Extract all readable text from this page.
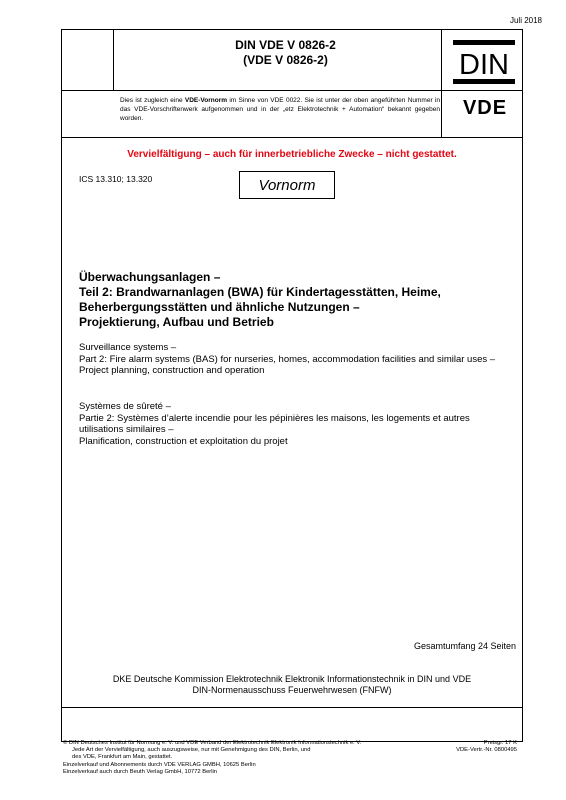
Juli 2018
DIN VDE V 0826-2
(VDE V 0826-2)	DIN
Dies ist zugleich eine VDE-Vornorm im Sinne von VDE 0022. Sie ist unter der oben angeführten Nummer in das VDE-Vorschriftenwerk aufgenommen und in der „etz Elektrotechnik + Automation“ bekannt gegeben worden.	VDE
Vervielfältigung – auch für innerbetriebliche Zwecke – nicht gestattet.
ICS 13.310; 13.320	Vornorm
Überwachungsanlagen –
Teil 2: Brandwarnanlagen (BWA) für Kindertagesstätten, Heime,
Beherbergungsstätten und ähnliche Nutzungen –
Projektierung, Aufbau und Betrieb
Surveillance systems –
Part 2: Fire alarm systems (BAS) for nurseries, homes, accommodation facilities and similar uses –
Project planning, construction and operation
Systèmes de sûreté –
Partie 2: Systèmes d’alerte incendie pour les pépinières les maisons, les logements et autres utilisations similaires –
Planification, construction et exploitation du projet
Gesamtumfang 24 Seiten
DKE Deutsche Kommission Elektrotechnik Elektronik Informationstechnik in DIN und VDE
DIN-Normenausschuss Feuerwehrwesen (FNFW)
© DIN Deutsches Institut für Normung e. V. und VDE Verband der Elektrotechnik Elektronik Informationstechnik e. V.
Jede Art der Vervielfältigung, auch auszugsweise, nur mit Genehmigung des DIN, Berlin, und
des VDE, Frankfurt am Main, gestattet.
Preisgr. 17 K
VDE-Vertr.-Nr. 0800495
Einzelverkauf und Abonnements durch VDE VERLAG GMBH, 10625 Berlin
Einzelverkauf auch durch Beuth Verlag GmbH, 10772 Berlin
